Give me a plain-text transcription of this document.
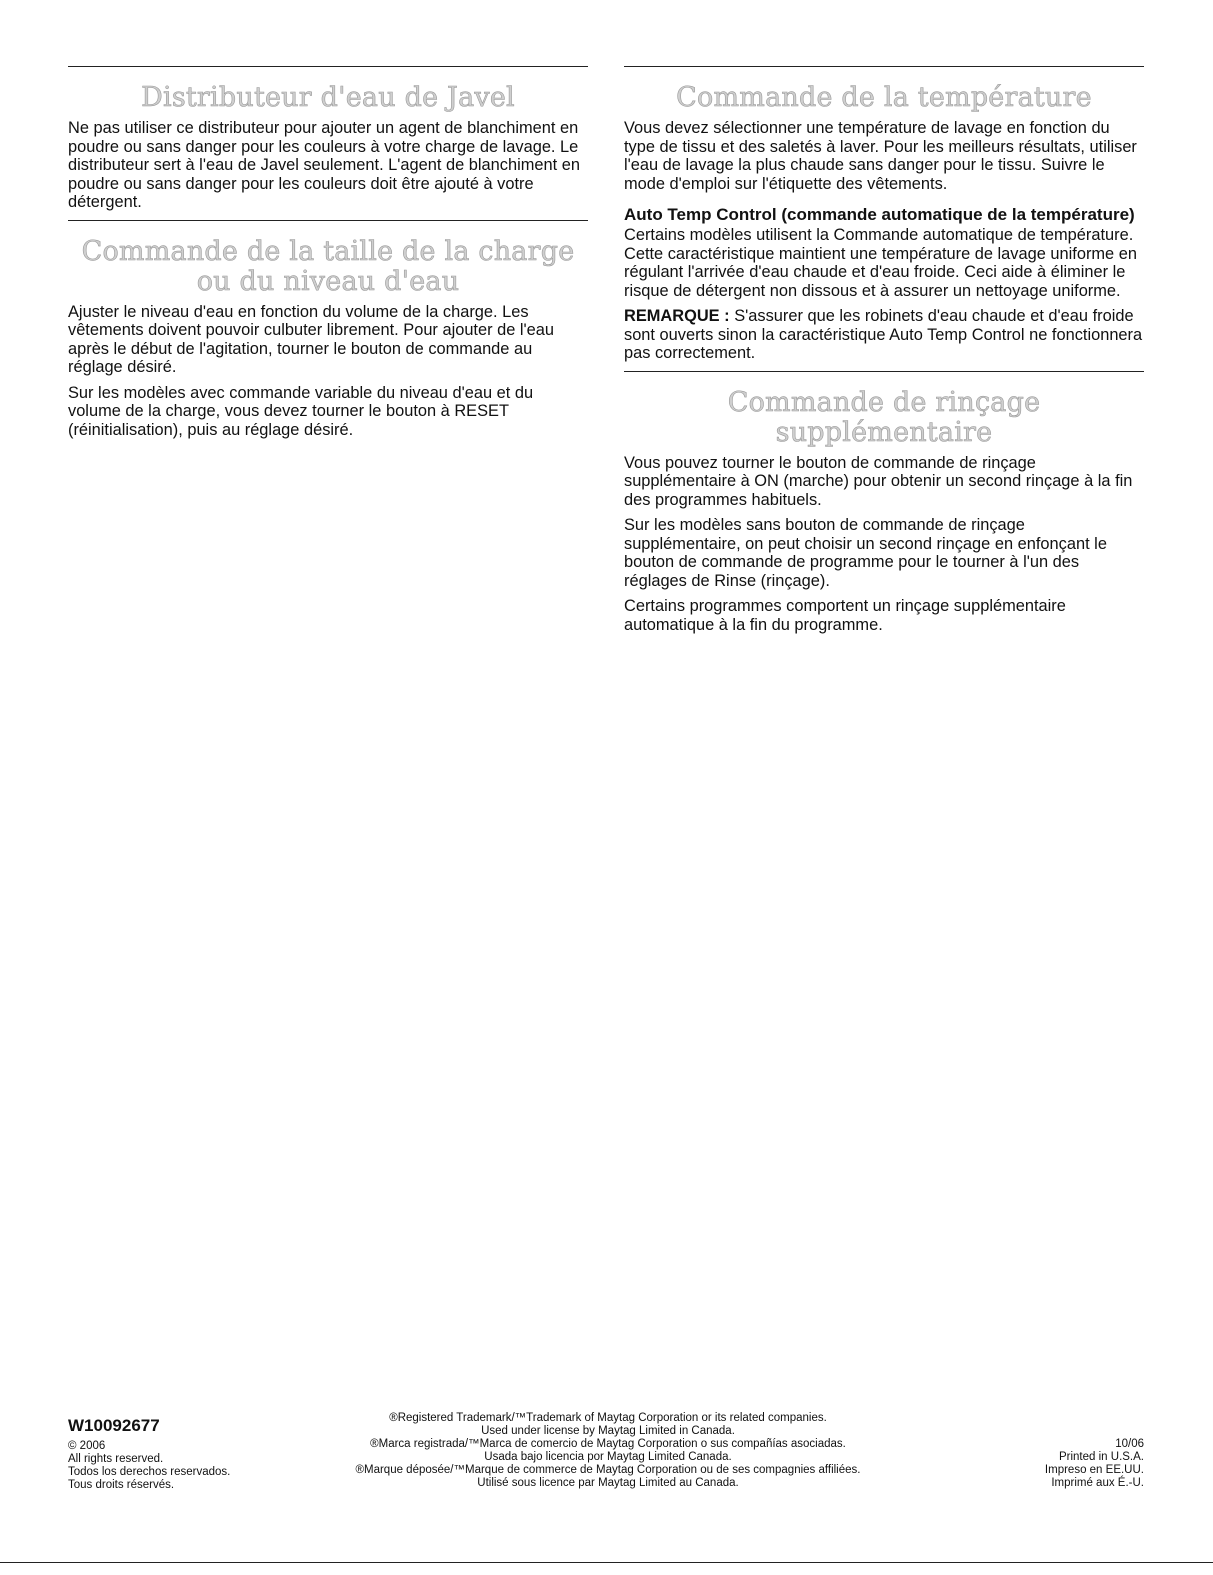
Distributeur d'eau de Javel

Ne pas utiliser ce distributeur pour ajouter un agent de blanchiment en poudre ou sans danger pour les couleurs à votre charge de lavage. Le distributeur sert à l'eau de Javel seulement. L'agent de blanchiment en poudre ou sans danger pour les couleurs doit être ajouté à votre détergent.

Commande de la taille de la charge ou du niveau d'eau

Ajuster le niveau d'eau en fonction du volume de la charge. Les vêtements doivent pouvoir culbuter librement. Pour ajouter de l'eau après le début de l'agitation, tourner le bouton de commande au réglage désiré.

Sur les modèles avec commande variable du niveau d'eau et du volume de la charge, vous devez tourner le bouton à RESET (réinitialisation), puis au réglage désiré.

Commande de la température

Vous devez sélectionner une température de lavage en fonction du type de tissu et des saletés à laver. Pour les meilleurs résultats, utiliser l'eau de lavage la plus chaude sans danger pour le tissu. Suivre le mode d'emploi sur l'étiquette des vêtements.

Auto Temp Control (commande automatique de la température)

Certains modèles utilisent la Commande automatique de température. Cette caractéristique maintient une température de lavage uniforme en régulant l'arrivée d'eau chaude et d'eau froide. Ceci aide à éliminer le risque de détergent non dissous et à assurer un nettoyage uniforme.

REMARQUE : S'assurer que les robinets d'eau chaude et d'eau froide sont ouverts sinon la caractéristique Auto Temp Control ne fonctionnera pas correctement.

Commande de rinçage supplémentaire

Vous pouvez tourner le bouton de commande de rinçage supplémentaire à ON (marche) pour obtenir un second rinçage à la fin des programmes habituels.

Sur les modèles sans bouton de commande de rinçage supplémentaire, on peut choisir un second rinçage en enfonçant le bouton de commande de programme pour le tourner à l'un des réglages de Rinse (rinçage).

Certains programmes comportent un rinçage supplémentaire automatique à la fin du programme.

W10092677
© 2006
All rights reserved.
Todos los derechos reservados.
Tous droits réservés.
®Registered Trademark/™Trademark of Maytag Corporation or its related companies.
Used under license by Maytag Limited in Canada.
®Marca registrada/™Marca de comercio de Maytag Corporation o sus compañías asociadas.
Usada bajo licencia por Maytag Limited Canada.
®Marque déposée/™Marque de commerce de Maytag Corporation ou de ses compagnies affiliées.
Utilisé sous licence par Maytag Limited au Canada.
10/06
Printed in U.S.A.
Impreso en EE.UU.
Imprimé aux É.-U.
